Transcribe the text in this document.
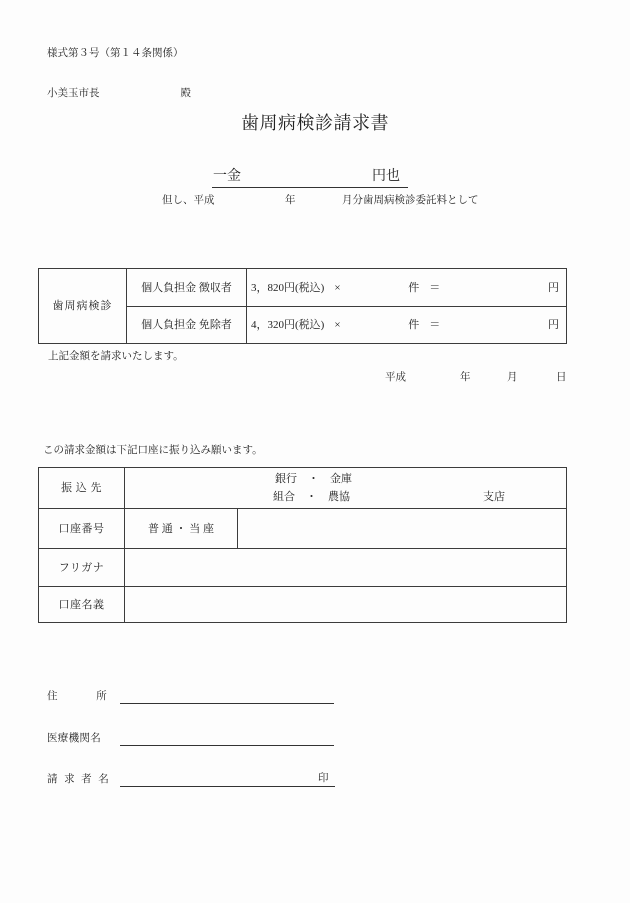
様式第３号（第１４条関係）
小美玉市長	殿
歯周病検診請求書
一金	円也
但し、平成	年	月分歯周病検診委託料として
歯周病検診
個人負担金 徴収者	3，820円(税込) ×	件 ＝	円
個人負担金 免除者	4，320円(税込) ×	件 ＝	円
上記金額を請求いたします。
平成	年	月	日
この請求金額は下記口座に振り込み願います。
振 込 先
銀行　・　金庫
組合　・　農協	支店
口座番号	普 通 ・ 当 座
フリガナ
口座名義
住 所
医療機関名
請 求 者 名	印
